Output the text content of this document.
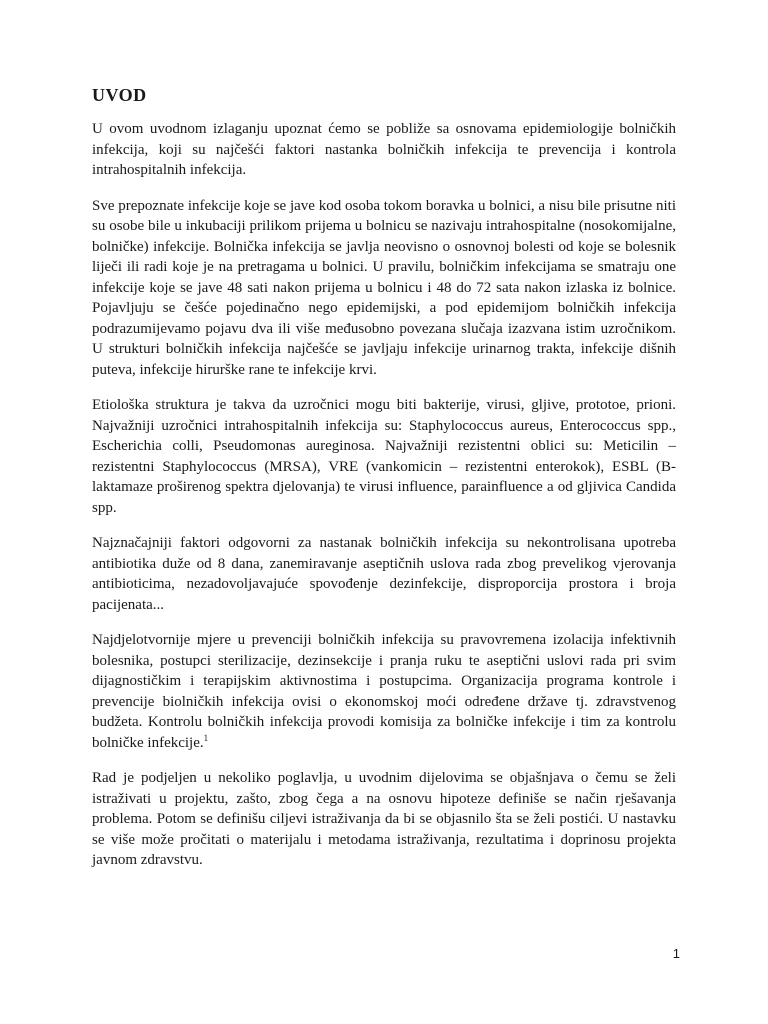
UVOD

U ovom uvodnom izlaganju upoznat ćemo se pobliže sa osnovama epidemiologije bolničkih infekcija, koji su najčešći faktori nastanka bolničkih infekcija te prevencija i kontrola intrahospitalnih infekcija.

Sve prepoznate infekcije koje se jave kod osoba tokom boravka u bolnici, a nisu bile prisutne niti su osobe bile u inkubaciji prilikom prijema u bolnicu se nazivaju intrahospitalne (nosokomijalne, bolničke) infekcije. Bolnička infekcija se javlja neovisno o osnovnoj bolesti od koje se bolesnik liječi ili radi koje je na pretragama u bolnici. U pravilu, bolničkim infekcijama se smatraju one infekcije koje se jave 48 sati nakon prijema u bolnicu i 48 do 72 sata nakon izlaska iz bolnice. Pojavljuju se češće pojedinačno nego epidemijski, a pod epidemijom bolničkih infekcija podrazumijevamo pojavu dva ili više međusobno povezana slučaja izazvana istim uzročnikom. U strukturi bolničkih infekcija najčešće se javljaju infekcije urinarnog trakta, infekcije dišnih puteva, infekcije hirurške rane te infekcije krvi.

Etiološka struktura je takva da uzročnici mogu biti bakterije, virusi, gljive, prototoe, prioni. Najvažniji uzročnici intrahospitalnih infekcija su: Staphylococcus aureus, Enterococcus spp., Escherichia colli, Pseudomonas aureginosa. Najvažniji rezistentni oblici su: Meticilin – rezistentni Staphylococcus (MRSA), VRE (vankomicin – rezistentni enterokok), ESBL (B-laktamaze proširenog spektra djelovanja) te virusi influence, parainfluence a od gljivica Candida spp.

Najznačajniji faktori odgovorni za nastanak bolničkih infekcija su nekontrolisana upotreba antibiotika duže od 8 dana, zanemiravanje aseptičnih uslova rada zbog prevelikog vjerovanja antibioticima, nezadovoljavajuće spovođenje dezinfekcije, disproporcija prostora i broja pacijenata...

Najdjelotvornije mjere u prevenciji bolničkih infekcija su pravovremena izolacija infektivnih bolesnika, postupci sterilizacije, dezinsekcije i pranja ruku te aseptični uslovi rada pri svim dijagnostičkim i terapijskim aktivnostima i postupcima. Organizacija programa kontrole i prevencije biolničkih infekcija ovisi o ekonomskoj moći određene države tj. zdravstvenog budžeta. Kontrolu bolničkih infekcija provodi komisija za bolničke infekcije i tim za kontrolu bolničke infekcije.$^1$

Rad je podjeljen u nekoliko poglavlja, u uvodnim dijelovima se objašnjava o čemu se želi istraživati u projektu, zašto, zbog čega a na osnovu hipoteze definiše se način rješavanja problema. Potom se definišu ciljevi istraživanja da bi se objasnilo šta se želi postići. U nastavku se više može pročitati o materijalu i metodama istraživanja, rezultatima i doprinosu projekta javnom zdravstvu.

1
